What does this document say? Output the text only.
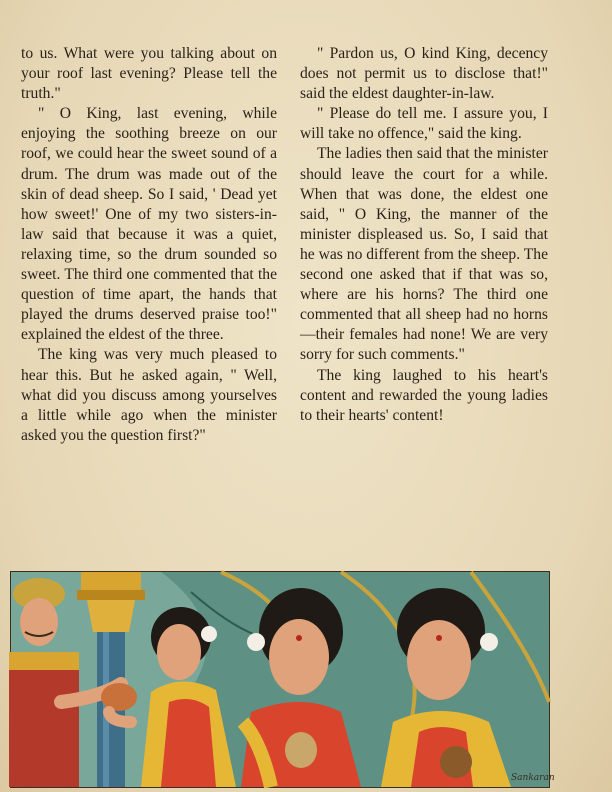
to us. What were you talking about on your roof last evening? Please tell the truth."

" O King, last evening, while enjoying the soothing breeze on our roof, we could hear the sweet sound of a drum. The drum was made out of the skin of dead sheep. So I said, ' Dead yet how sweet!' One of my two sisters-in-law said that because it was a quiet, relaxing time, so the drum sounded so sweet. The third one commented that the question of time apart, the hands that played the drums deserved praise too!" explained the eldest of the three.

The king was very much pleased to hear this. But he asked again, " Well, what did you discuss among yourselves a little while ago when the minister asked you the question first?"

" Pardon us, O kind King, decency does not permit us to disclose that!" said the eldest daughter-in-law.

" Please do tell me. I assure you, I will take no offence," said the king.

The ladies then said that the minister should leave the court for a while. When that was done, the eldest one said, " O King, the manner of the minister displeased us. So, I said that he was no different from the sheep. The second one asked that if that was so, where are his horns? The third one commented that all sheep had no horns—their females had none! We are very sorry for such comments."

The king laughed to his heart's content and rewarded the young ladies to their hearts' content!

Sankaran
